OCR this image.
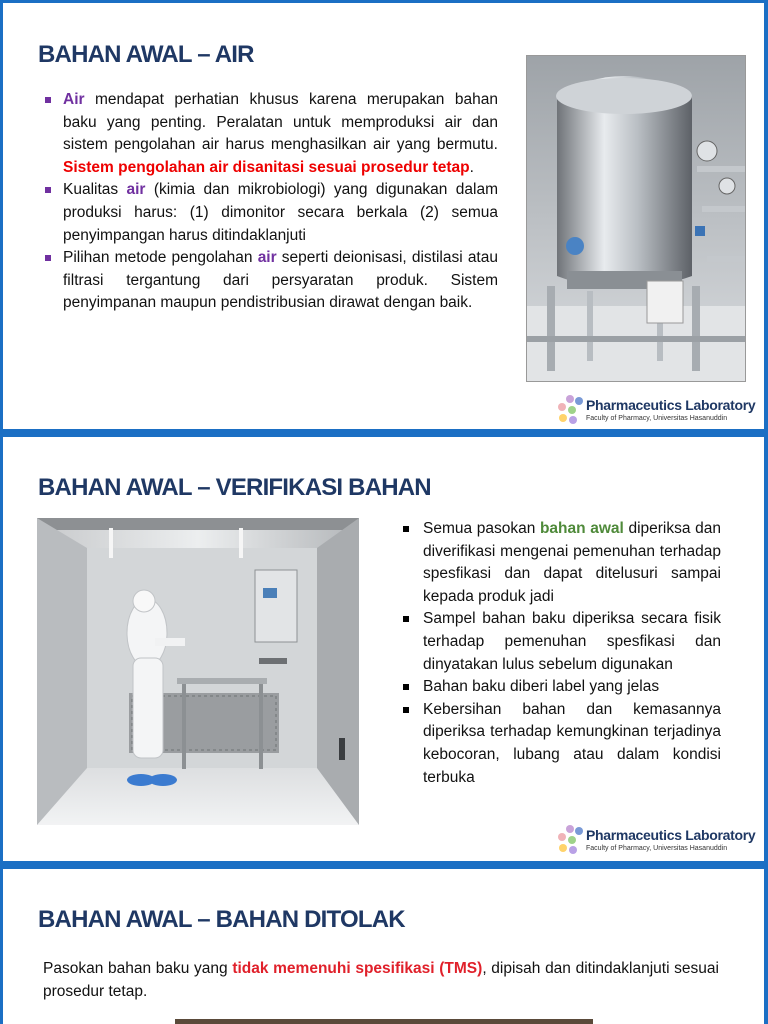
BAHAN AWAL – AIR
Air mendapat perhatian khusus karena merupakan bahan baku yang penting. Peralatan untuk memproduksi air dan sistem pengolahan air harus menghasilkan air yang bermutu. Sistem pengolahan air disanitasi sesuai prosedur tetap.
Kualitas air (kimia dan mikrobiologi) yang digunakan dalam produksi harus: (1) dimonitor secara berkala (2) semua penyimpangan harus ditindaklanjuti
Pilihan metode pengolahan air seperti deionisasi, distilasi atau filtrasi tergantung dari persyaratan produk. Sistem penyimpanan maupun pendistribusian dirawat dengan baik.
Pharmaceutics Laboratory
Faculty of Pharmacy, Universitas Hasanuddin
BAHAN AWAL – VERIFIKASI BAHAN
Semua pasokan bahan awal diperiksa dan diverifikasi mengenai pemenuhan terhadap spesfikasi dan dapat ditelusuri sampai kepada produk jadi
Sampel bahan baku diperiksa secara fisik terhadap pemenuhan spesfikasi dan dinyatakan lulus sebelum digunakan
Bahan baku diberi label yang jelas
Kebersihan bahan dan kemasannya diperiksa terhadap kemungkinan terjadinya kebocoran, lubang atau dalam kondisi terbuka
Pharmaceutics Laboratory
Faculty of Pharmacy, Universitas Hasanuddin
BAHAN AWAL – BAHAN DITOLAK

Pasokan bahan baku yang tidak memenuhi spesifikasi (TMS), dipisah dan ditindaklanjuti sesuai prosedur tetap.
